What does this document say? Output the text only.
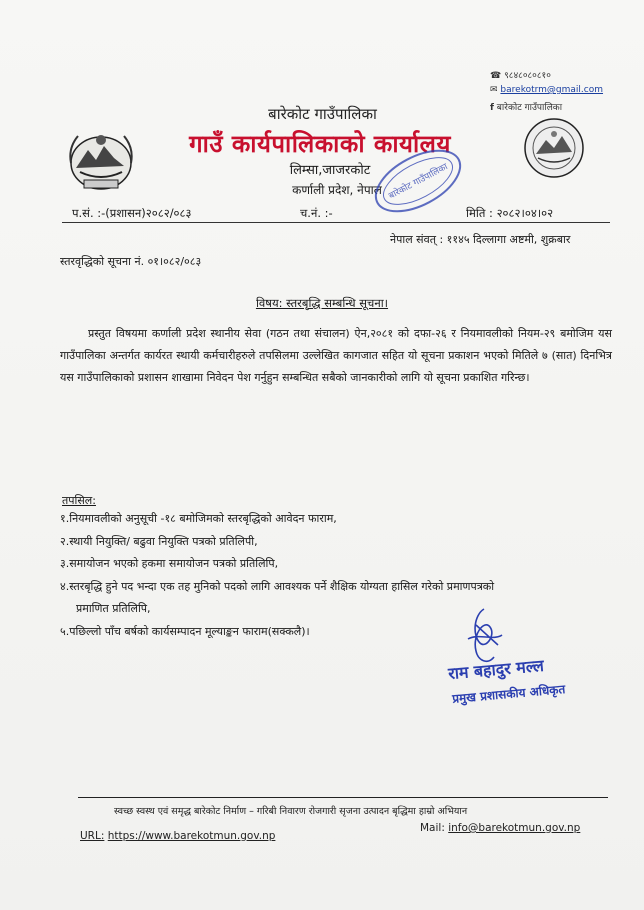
☎ ९८४८०८०८१०
✉ barekotrm@gmail.com
f बारेकोट गाउँपालिका
बारेकोट गाउँपालिका
गाउँ कार्यपालिकाको कार्यालय
लिम्सा,जाजरकोट
कर्णाली प्रदेश, नेपाल बारेकोट गाउँपालिका
प.सं. :-(प्रशासन)२०८२/०८३	च.नं. :-	मिति : २०८२।०४।०२
नेपाल संवत् : ११४५ दिल्लागा अष्टमी, शुक्रबार
स्तरवृद्धिको सूचना नं. ०१।०८२/०८३
विषय: स्तरबृद्धि सम्बन्धि सूचना।
प्रस्तुत विषयमा कर्णाली प्रदेश स्थानीय सेवा (गठन तथा संचालन) ऐन,२०८१ को दफा-२६ र नियमावलीको नियम-२९ बमोजिम यस गाउँपालिका अन्तर्गत कार्यरत स्थायी कर्मचारीहरुले तपसिलमा उल्लेखित कागजात सहित यो सूचना प्रकाशन भएको मितिले ७ (सात) दिनभित्र यस गाउँपालिकाको प्रशासन शाखामा निवेदन पेश गर्नुहुन सम्बन्धित सबैको जानकारीको लागि यो सूचना प्रकाशित गरिन्छ।
तपसिल:
१.नियमावलीको अनुसूची -१८ बमोजिमको स्तरबृद्धिको आवेदन फाराम,
२.स्थायी नियुक्ति/ बढुवा नियुक्ति पत्रको प्रतिलिपी,
३.समायोजन भएको हकमा समायोजन पत्रको प्रतिलिपि,
४.स्तरबृद्धि हुने पद भन्दा एक तह मुनिको पदको लागि आवश्यक पर्ने शैक्षिक योग्यता हासिल गरेको प्रमाणपत्रको
प्रमाणित प्रतिलिपि,
५.पछिल्लो पाँच बर्षको कार्यसम्पादन मूल्याङ्कन फाराम(सक्कलै)।
राम बहादुर मल्ल
प्रमुख प्रशासकीय अधिकृत
स्वच्छ स्वस्थ एवं समृद्ध बारेकोट निर्माण – गरिबी निवारण रोजगारी सृजना उत्पादन बृद्धिमा हाम्रो अभियान
URL: https://www.barekotmun.gov.np
Mail: info@barekotmun.gov.np
